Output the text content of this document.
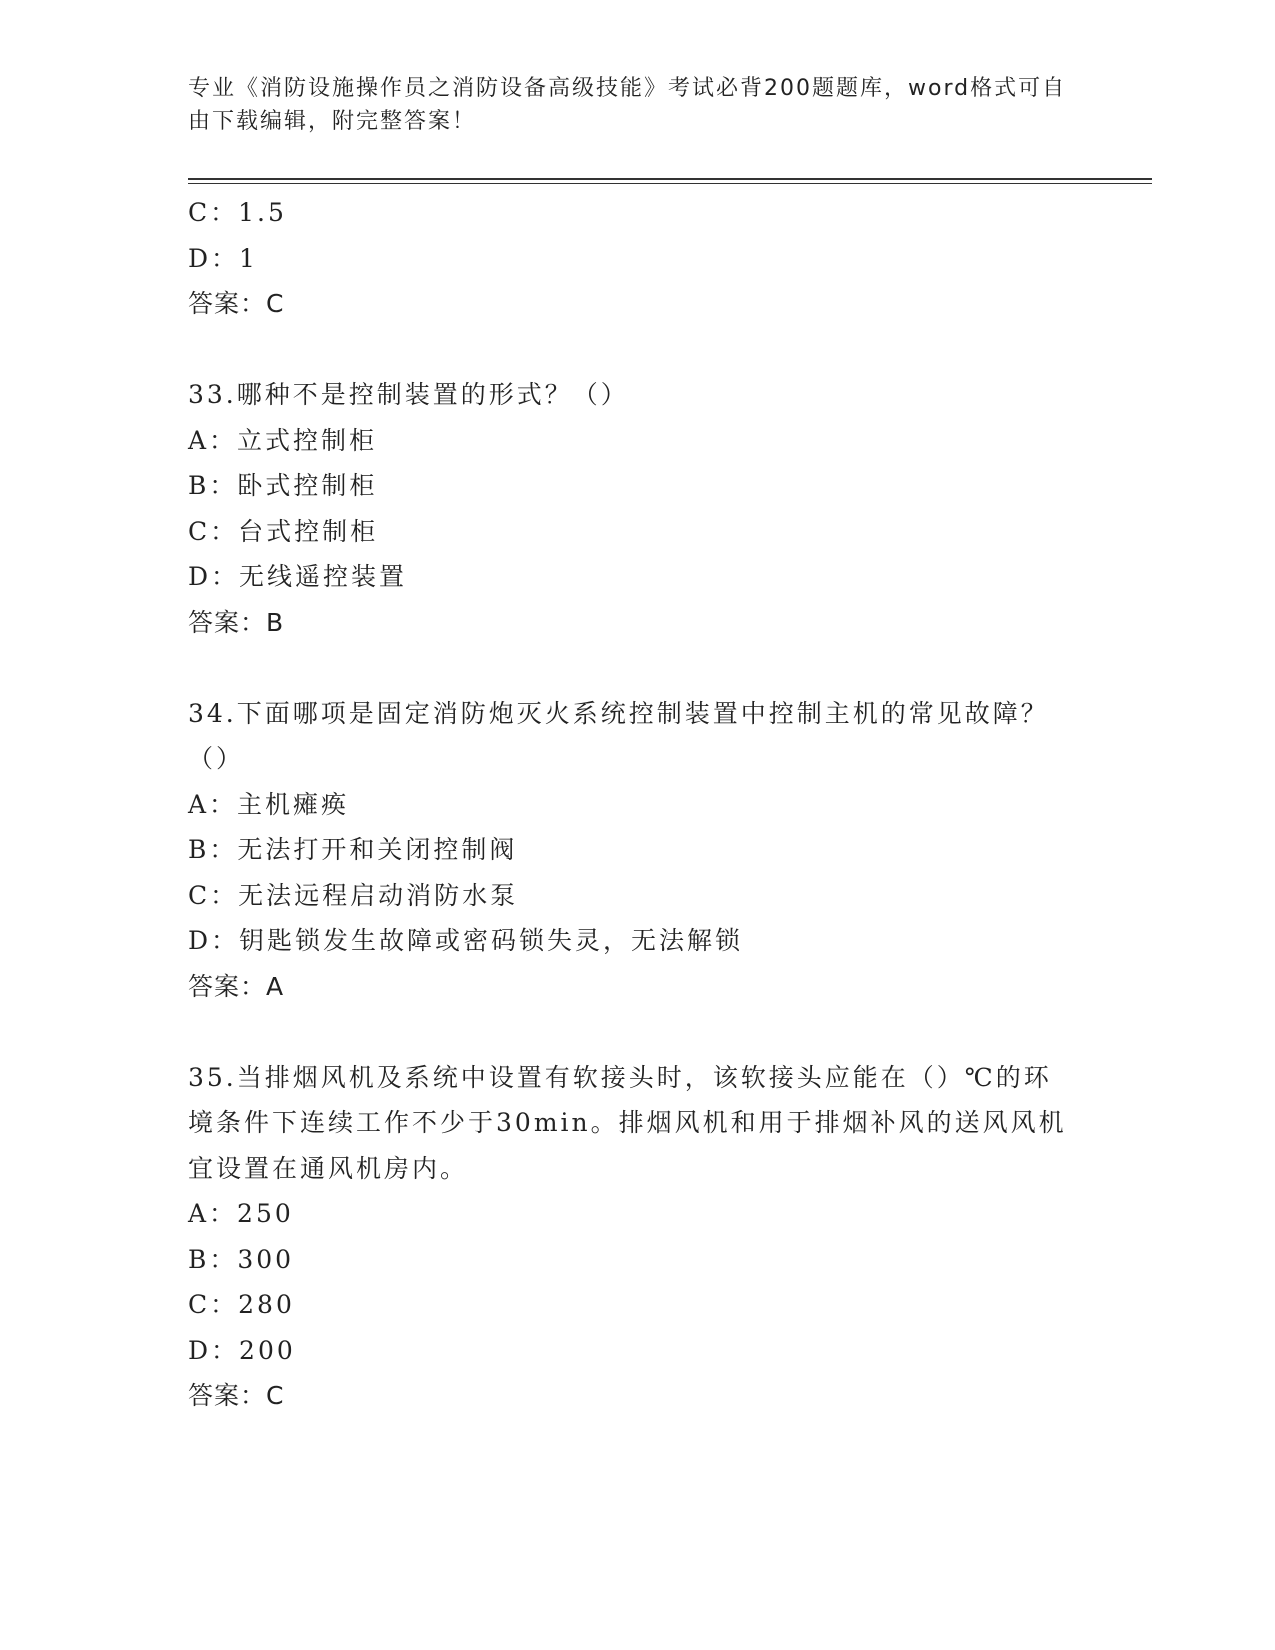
专业《消防设施操作员之消防设备高级技能》考试必背200题题库，word格式可自由下载编辑，附完整答案！
C：1.5
D：1
答案：C
33.哪种不是控制装置的形式？（）
A：立式控制柜
B：卧式控制柜
C：台式控制柜
D：无线遥控装置
答案：B
34.下面哪项是固定消防炮灭火系统控制装置中控制主机的常见故障？
（）
A：主机瘫痪
B：无法打开和关闭控制阀
C：无法远程启动消防水泵
D：钥匙锁发生故障或密码锁失灵，无法解锁
答案：A
35.当排烟风机及系统中设置有软接头时，该软接头应能在（）℃的环
境条件下连续工作不少于30min。排烟风机和用于排烟补风的送风风机
宜设置在通风机房内。
A：250
B：300
C：280
D：200
答案：C
